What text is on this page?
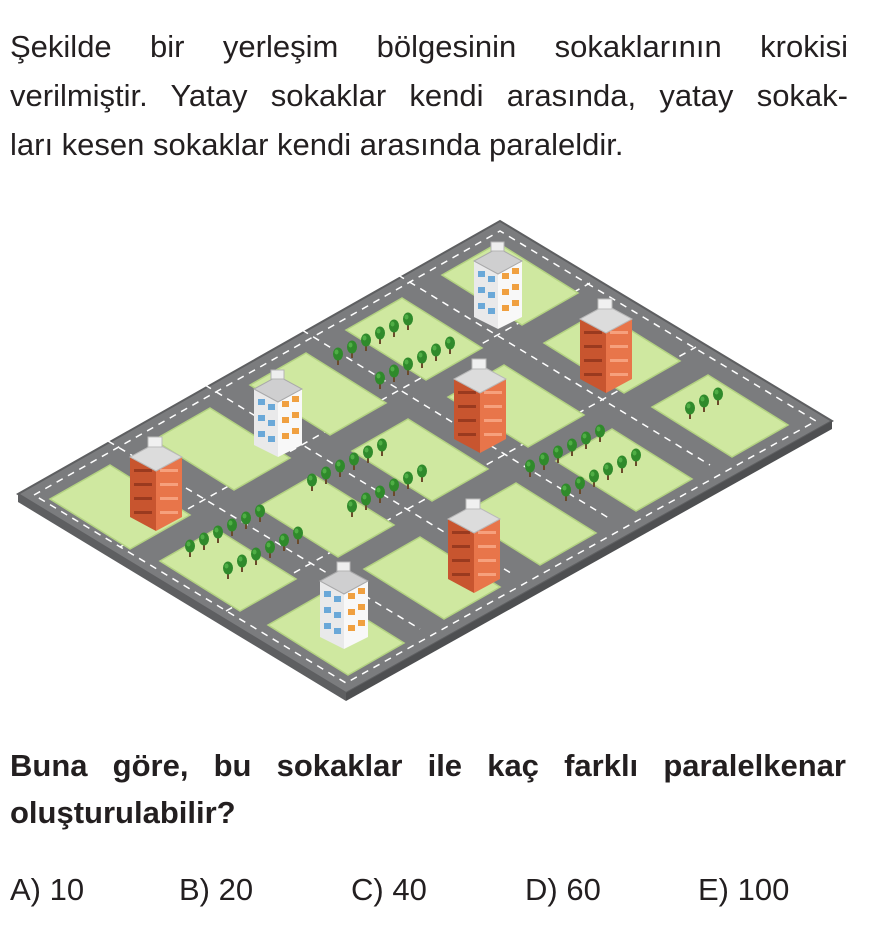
Şekilde bir yerleşim bölgesinin sokaklarının krokisi
verilmiştir. Yatay sokaklar kendi arasında, yatay sokak-
ları kesen sokaklar kendi arasında paraleldir.

Buna göre, bu sokaklar ile kaç farklı paralelkenar
oluşturulabilir?

A) 10	B) 20	C) 40	D) 60	E) 100
